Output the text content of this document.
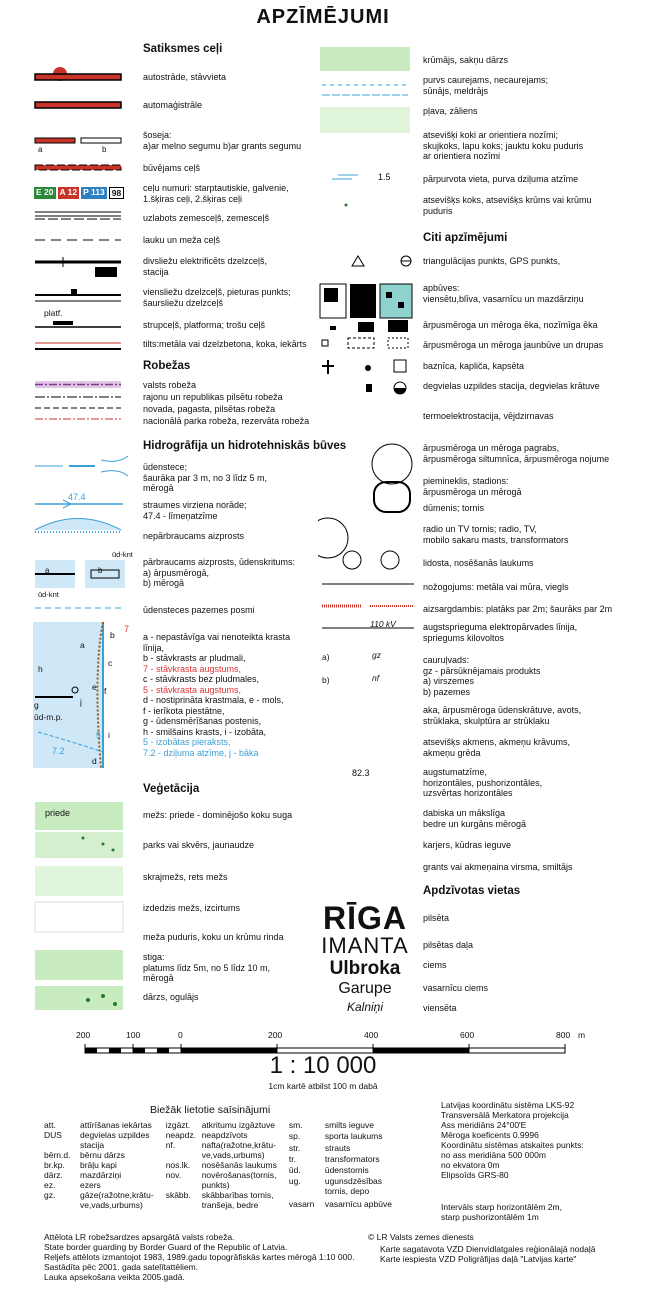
APZĪMĒJUMI
Satiksmes ceļi
a	b
E 20 A 12 P 113 98
platf.
autostrāde, stāvvieta
automaģistrāle
šoseja:
a)ar melno segumu b)ar grants segumu
būvējams ceļš
ceļu numuri: starptautiskie, galvenie,
1.šķiras ceļi, 2.šķiras ceļi
uzlabots zemesceļš, zemesceļš
lauku un meža ceļš
divsliežu elektrificēts dzelzceļš,
stacija
viensliežu dzelzceļš, pieturas punkts;
šaursliežu dzelzceļš
strupceļš, platforma; trošu ceļš
tilts:metāla vai dzelzbetona, koka, iekārts
Robežas
valsts robeža
rajonu un republikas pilsētu robeža
novada, pagasta, pilsētas robeža
nacionālā parka robeža, rezervāta robeža
Hidrogrāfija un hidrotehniskās būves
47.4
a	b
ūd-knt
ūd-knt
ūdenstece;
šaurāka par 3 m, no 3 līdz 5 m,
mērogā
straumes virziena norāde;
47.4 - līmeņatzīme
nepārbraucams aizprosts
pārbraucams aizprosts, ūdenskritums:
a) ārpusmērogā,
b) mērogā
ūdensteces pazemes posmi
a
b
7
c
e f
h
j
g
ūd-m.p.
5 i
d
7.2
a - nepastāvīga vai nenoteikta krasta līnija,
b - stāvkrasts ar pludmali,
7 - stāvkrasta augstums,
c - stāvkrasts bez pludmales,
5 - stāvkrasta augstums,
d - nostiprināta krastmala, e - mols,
f - ierīkota piestātne,
g - ūdensmērīšanas postenis,
h - smilšains krasts, i - izobāta,
5 - izobātas pieraksts,
7.2 - dziļuma atzīme, j - bāka
Veģetācija
priede	mežs: priede - dominējošo koku suga
parks vai skvērs, jaunaudze
skrajmežs, rets mežs
izdedzis mežs, izcirtums
meža puduris, koku un krūmu rinda
stiga:
platums līdz 5m, no 5 līdz 10 m,
mērogā
dārzs, ogulājs
krūmājs, sakņu dārzs
purvs caurejams, necaurejams;
sūnājs, meldrājs
pļava, zāliens
atsevišķi koki ar orientiera nozīmi;
skujkoks, lapu koks; jauktu koku puduris
ar orientiera nozīmi
1.5	pārpurvota vieta, purva dziļuma atzīme
atsevišķs koks, atsevišķs krūms vai krūmu
puduris
Citi apzīmējumi
110 kV
a)	gz
b)	nf
82.3
triangulācijas punkts, GPS punkts,
apbūves:
viensētu,blīva, vasarnīcu un mazdārziņu
ārpusmēroga un mēroga ēka, nozīmīga ēka
ārpusmēroga un mēroga jaunbūve un drupas
baznīca, kapliča, kapsēta
degvielas uzpildes stacija, degvielas krātuve
termoelektrostacija, vējdzirnavas
ārpusmēroga un mēroga pagrabs,
ārpusmēroga siltumnīca, ārpusmēroga nojume
piemineklis, stadions:
ārpusmēroga un mērogā
dūmenis; tornis
radio un TV tornis; radio, TV,
mobilo sakaru masts, transformators
lidosta, nosēšanās laukums
nožogojums: metāla vai mūra, viegls
aizsargdambis: platāks par 2m; šaurāks par 2m
augstsprieguma elektropārvades līnija,
spriegums kilovoltos
cauruļvads:
gz - pārsūknējamais produkts
a) virszemes
b) pazemes
aka, ārpusmēroga ūdenskrātuve, avots,
strūklaka, skulptūra ar strūklaku
atsevišķs akmens, akmeņu krāvums,
akmeņu grēda
augstumatzīme,
horizontāles, pushorizontāles,
uzsvērtas horizontāles
dabiska un mākslīga
bedre un kurgāns mērogā
karjers, kūdras ieguve
grants vai akmeņaina virsma, smiltājs
Apdzīvotas vietas
pilsēta
pilsētas daļa
ciems
vasarnīcu ciems
viensēta
RĪGA
IMANTA
Ulbroka
Garupe
Kalniņi
200	100	0	200	400	600	800 m
1 : 10 000
1cm kartē atbilst 100 m dabā
Biežāk lietotie saīsinājumi
att.	attīrīšanas iekārtas
DUS	degvielas uzpildes
stacija
bērn.d.	bērnu dārzs
br.kp.	brāļu kapi
dārz.	mazdārziņi
ez.	ezers
gz.	gāze(ražotne,krātu-
ve,vads,urbums)
izgāzt.	atkritumu izgāztuve
neapdz.	neapdzīvots
nf.	nafta(ražotne,krātu-
ve,vads,urbums)
nos.lk.	nosēšanās laukums
nov.	novērošanas(tornis,
punkts)
skābb.	skābbarības tornis,
tranšeja, bedre
sm.	smilts ieguve
sp.	sporta laukums
str.	strauts
tr.	transformators
ūd.	ūdenstornis
ug.	ugunsdzēsības
tornis, depo
vasarn	vasarnīcu apbūve
Latvijas koordinātu sistēma LKS-92
Transversālā Merkatora projekcija
Ass meridiāns 24°00'E
Mēroga koeficents 0.9996
Koordinātu sistēmas atskaites punkts:
no ass meridiāna 500 000m
no ekvatora 0m
Elipsoīds GRS-80
Intervāls starp horizontālēm 2m,
starp pushorizontālēm 1m
Attēlota LR robežsardzes apsargātā valsts robeža.
State border guarding by Border Guard of the Republic of Latvia.
Reljefs attēlots izmantojot 1983, 1989.gadu topogrāfiskās kartes mērogā 1:10 000.
Sastādīta pēc 2001. gada satelītattēliem.
Lauka apsekošana veikta 2005.gadā.
© LR Valsts zemes dienests
Karte sagatavota VZD Dienvidlatgales reģionālajā nodaļā
Karte iespiesta VZD Poligrāfijas daļā "Latvijas karte"
